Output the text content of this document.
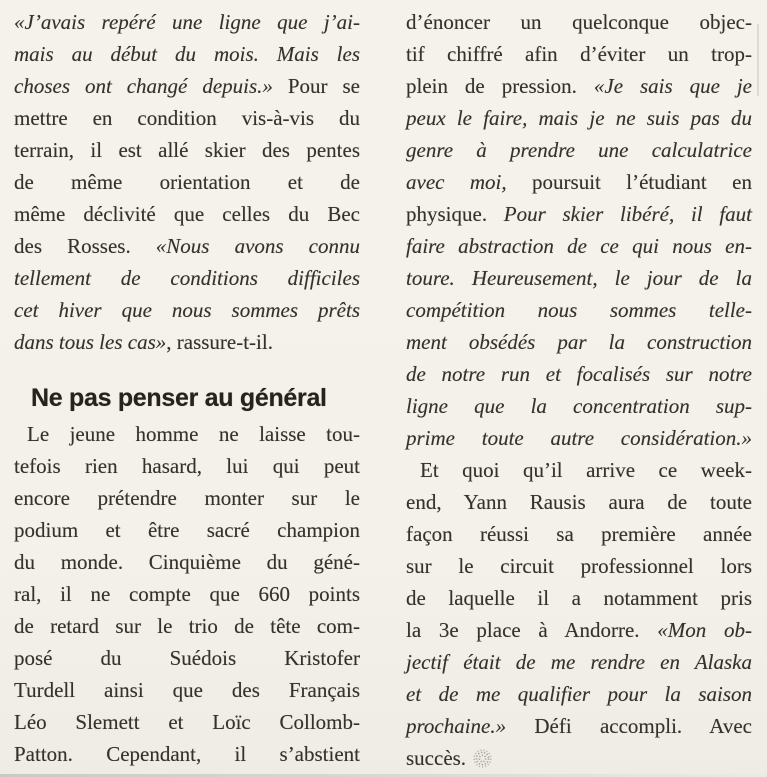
«J’avais repéré une ligne que j’ai-
mais au début du mois. Mais les
choses ont changé depuis.» Pour se
mettre en condition vis-à-vis du
terrain, il est allé skier des pentes
de même orientation et de
même déclivité que celles du Bec
des Rosses. «Nous avons connu
tellement de conditions difficiles
cet hiver que nous sommes prêts
dans tous les cas», rassure-t-il.
Ne pas penser au général
Le jeune homme ne laisse tou-
tefois rien hasard, lui qui peut
encore prétendre monter sur le
podium et être sacré champion
du monde. Cinquième du géné-
ral, il ne compte que 660 points
de retard sur le trio de tête com-
posé du Suédois Kristofer
Turdell ainsi que des Français
Léo Slemett et Loïc Collomb-
Patton. Cependant, il s’abstient
d’énoncer un quelconque objec-
tif chiffré afin d’éviter un trop-
plein de pression. «Je sais que je
peux le faire, mais je ne suis pas du
genre à prendre une calculatrice
avec moi, poursuit l’étudiant en
physique. Pour skier libéré, il faut
faire abstraction de ce qui nous en-
toure. Heureusement, le jour de la
compétition nous sommes telle-
ment obsédés par la construction
de notre run et focalisés sur notre
ligne que la concentration sup-
prime toute autre considération.»
Et quoi qu’il arrive ce week-
end, Yann Rausis aura de toute
façon réussi sa première année
sur le circuit professionnel lors
de laquelle il a notamment pris
la 3e place à Andorre. «Mon ob-
jectif était de me rendre en Alaska
et de me qualifier pour la saison
prochaine.» Défi accompli. Avec
succès.
